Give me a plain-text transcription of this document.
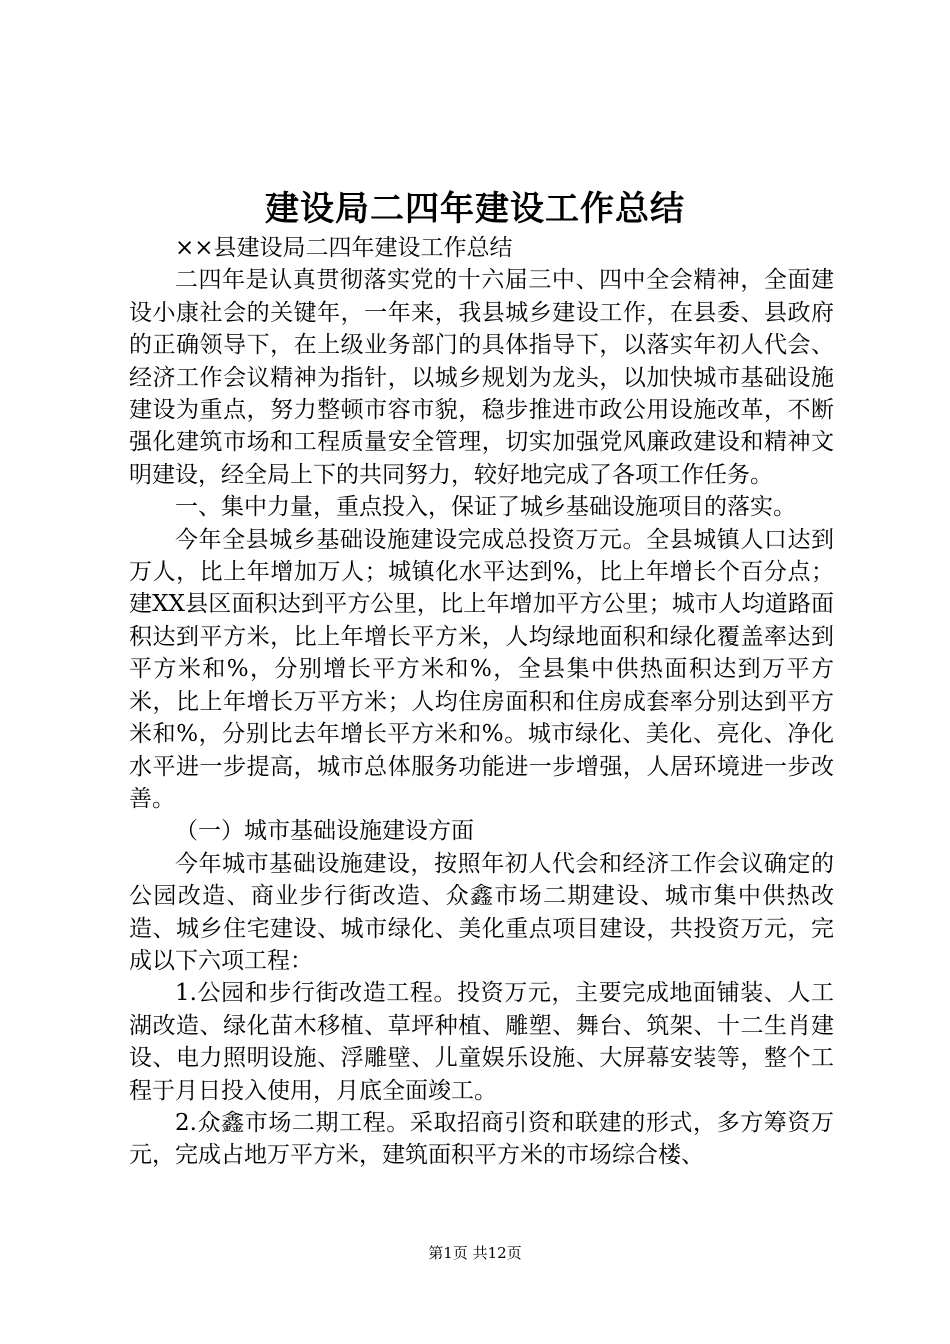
建设局二四年建设工作总结

××县建设局二四年建设工作总结

二四年是认真贯彻落实党的十六届三中、四中全会精神，全面建设小康社会的关键年，一年来，我县城乡建设工作，在县委、县政府的正确领导下，在上级业务部门的具体指导下，以落实年初人代会、经济工作会议精神为指针，以城乡规划为龙头，以加快城市基础设施建设为重点，努力整顿市容市貌，稳步推进市政公用设施改革，不断强化建筑市场和工程质量安全管理，切实加强党风廉政建设和精神文明建设，经全局上下的共同努力，较好地完成了各项工作任务。

一、集中力量，重点投入，保证了城乡基础设施项目的落实。

今年全县城乡基础设施建设完成总投资万元。全县城镇人口达到万人，比上年增加万人；城镇化水平达到%，比上年增长个百分点；建XX县区面积达到平方公里，比上年增加平方公里；城市人均道路面积达到平方米，比上年增长平方米，人均绿地面积和绿化覆盖率达到平方米和%，分别增长平方米和%，全县集中供热面积达到万平方米，比上年增长万平方米；人均住房面积和住房成套率分别达到平方米和%，分别比去年增长平方米和%。城市绿化、美化、亮化、净化水平进一步提高，城市总体服务功能进一步增强，人居环境进一步改善。

（一）城市基础设施建设方面

今年城市基础设施建设，按照年初人代会和经济工作会议确定的公园改造、商业步行街改造、众鑫市场二期建设、城市集中供热改造、城乡住宅建设、城市绿化、美化重点项目建设，共投资万元，完成以下六项工程：

1.公园和步行街改造工程。投资万元，主要完成地面铺装、人工湖改造、绿化苗木移植、草坪种植、雕塑、舞台、筑架、十二生肖建设、电力照明设施、浮雕壁、儿童娱乐设施、大屏幕安装等，整个工程于月日投入使用，月底全面竣工。

2.众鑫市场二期工程。采取招商引资和联建的形式，多方筹资万元，完成占地万平方米，建筑面积平方米的市场综合楼、

第1页 共12页
